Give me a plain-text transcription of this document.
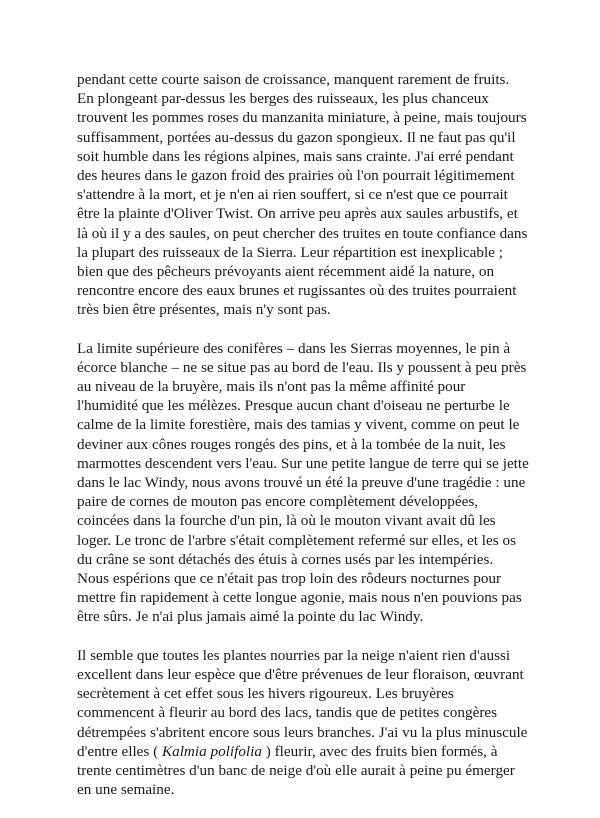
pendant cette courte saison de croissance, manquent rarement de fruits. En plongeant par-dessus les berges des ruisseaux, les plus chanceux trouvent les pommes roses du manzanita miniature, à peine, mais toujours suffisamment, portées au-dessus du gazon spongieux. Il ne faut pas qu'il soit humble dans les régions alpines, mais sans crainte. J'ai erré pendant des heures dans le gazon froid des prairies où l'on pourrait légitimement s'attendre à la mort, et je n'en ai rien souffert, si ce n'est que ce pourrait être la plainte d'Oliver Twist. On arrive peu après aux saules arbustifs, et là où il y a des saules, on peut chercher des truites en toute confiance dans la plupart des ruisseaux de la Sierra. Leur répartition est inexplicable ; bien que des pêcheurs prévoyants aient récemment aidé la nature, on rencontre encore des eaux brunes et rugissantes où des truites pourraient très bien être présentes, mais n'y sont pas.

La limite supérieure des conifères – dans les Sierras moyennes, le pin à écorce blanche – ne se situe pas au bord de l'eau. Ils y poussent à peu près au niveau de la bruyère, mais ils n'ont pas la même affinité pour l'humidité que les mélèzes. Presque aucun chant d'oiseau ne perturbe le calme de la limite forestière, mais des tamias y vivent, comme on peut le deviner aux cônes rouges rongés des pins, et à la tombée de la nuit, les marmottes descendent vers l'eau. Sur une petite langue de terre qui se jette dans le lac Windy, nous avons trouvé un été la preuve d'une tragédie : une paire de cornes de mouton pas encore complètement développées, coincées dans la fourche d'un pin, là où le mouton vivant avait dû les loger. Le tronc de l'arbre s'était complètement refermé sur elles, et les os du crâne se sont détachés des étuis à cornes usés par les intempéries. Nous espérions que ce n'était pas trop loin des rôdeurs nocturnes pour mettre fin rapidement à cette longue agonie, mais nous n'en pouvions pas être sûrs. Je n'ai plus jamais aimé la pointe du lac Windy.

Il semble que toutes les plantes nourries par la neige n'aient rien d'aussi excellent dans leur espèce que d'être prévenues de leur floraison, œuvrant secrètement à cet effet sous les hivers rigoureux. Les bruyères commencent à fleurir au bord des lacs, tandis que de petites congères détrempées s'abritent encore sous leurs branches. J'ai vu la plus minuscule d'entre elles ( Kalmia polifolia ) fleurir, avec des fruits bien formés, à trente centimètres d'un banc de neige d'où elle aurait à peine pu émerger en une semaine.
